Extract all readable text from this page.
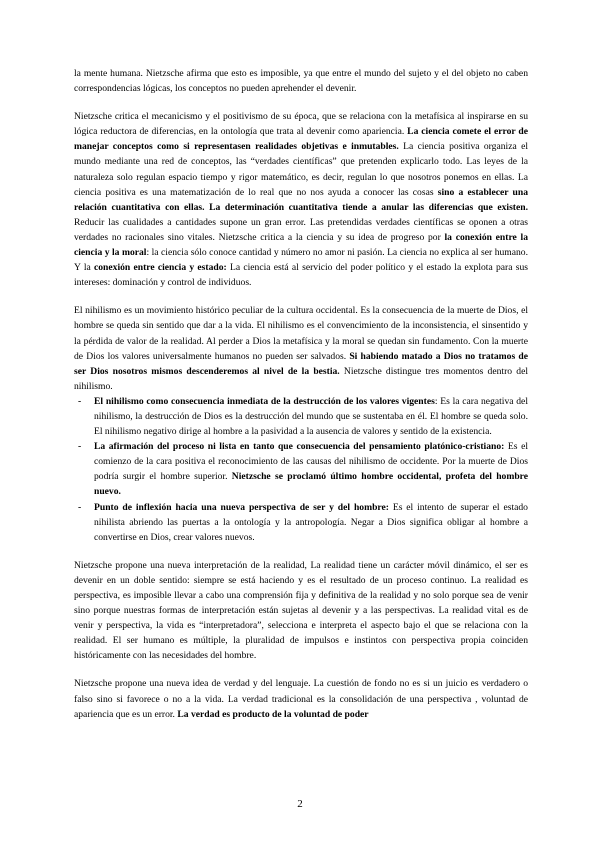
la mente humana. Nietzsche afirma que esto es imposible, ya que entre el mundo del sujeto y el del objeto no caben correspondencias lógicas, los conceptos no pueden aprehender el devenir.

Nietzsche critica el mecanicismo y el positivismo de su época, que se relaciona con la metafísica al inspirarse en su lógica reductora de diferencias, en la ontología que trata al devenir como apariencia. La ciencia comete el error de manejar conceptos como si representasen realidades objetivas e inmutables. La ciencia positiva organiza el mundo mediante una red de conceptos, las “verdades científicas” que pretenden explicarlo todo. Las leyes de la naturaleza solo regulan espacio tiempo y rigor matemático, es decir, regulan lo que nosotros ponemos en ellas. La ciencia positiva es una matematización de lo real que no nos ayuda a conocer las cosas sino a establecer una relación cuantitativa con ellas. La determinación cuantitativa tiende a anular las diferencias que existen. Reducir las cualidades a cantidades supone un gran error. Las pretendidas verdades científicas se oponen a otras verdades no racionales sino vitales. Nietzsche critica a la ciencia y su idea de progreso por la conexión entre la ciencia y la moral: la ciencia sólo conoce cantidad y número no amor ni pasión. La ciencia no explica al ser humano. Y la conexión entre ciencia y estado: La ciencia está al servicio del poder político y el estado la explota para sus intereses: dominación y control de individuos.

El nihilismo es un movimiento histórico peculiar de la cultura occidental. Es la consecuencia de la muerte de Dios, el hombre se queda sin sentido que dar a la vida. El nihilismo es el convencimiento de la inconsistencia, el sinsentido y la pérdida de valor de la realidad. Al perder a Dios la metafísica y la moral se quedan sin fundamento. Con la muerte de Dios los valores universalmente humanos no pueden ser salvados. Si habiendo matado a Dios no tratamos de ser Dios nosotros mismos descenderemos al nivel de la bestia. Nietzsche distingue tres momentos dentro del nihilismo.

- El nihilismo como consecuencia inmediata de la destrucción de los valores vigentes: Es la cara negativa del nihilismo, la destrucción de Dios es la destrucción del mundo que se sustentaba en él. El hombre se queda solo. El nihilismo negativo dirige al hombre a la pasividad a la ausencia de valores y sentido de la existencia.
- La afirmación del proceso ni lista en tanto que consecuencia del pensamiento platónico-cristiano: Es el comienzo de la cara positiva el reconocimiento de las causas del nihilismo de occidente. Por la muerte de Dios podría surgir el hombre superior. Nietzsche se proclamó último hombre occidental, profeta del hombre nuevo.
- Punto de inflexión hacia una nueva perspectiva de ser y del hombre: Es el intento de superar el estado nihilista abriendo las puertas a la ontología y la antropología. Negar a Dios significa obligar al hombre a convertirse en Dios, crear valores nuevos.

Nietzsche propone una nueva interpretación de la realidad, La realidad tiene un carácter móvil dinámico, el ser es devenir en un doble sentido: siempre se está haciendo y es el resultado de un proceso continuo. La realidad es perspectiva, es imposible llevar a cabo una comprensión fija y definitiva de la realidad y no solo porque sea de venir sino porque nuestras formas de interpretación están sujetas al devenir y a las perspectivas. La realidad vital es de venir y perspectiva, la vida es “interpretadora”, selecciona e interpreta el aspecto bajo el que se relaciona con la realidad. El ser humano es múltiple, la pluralidad de impulsos e instintos con perspectiva propia coinciden históricamente con las necesidades del hombre.

Nietzsche propone una nueva idea de verdad y del lenguaje. La cuestión de fondo no es si un juicio es verdadero o falso sino si favorece o no a la vida. La verdad tradicional es la consolidación de una perspectiva , voluntad de apariencia que es un error. La verdad es producto de la voluntad de poder

2
